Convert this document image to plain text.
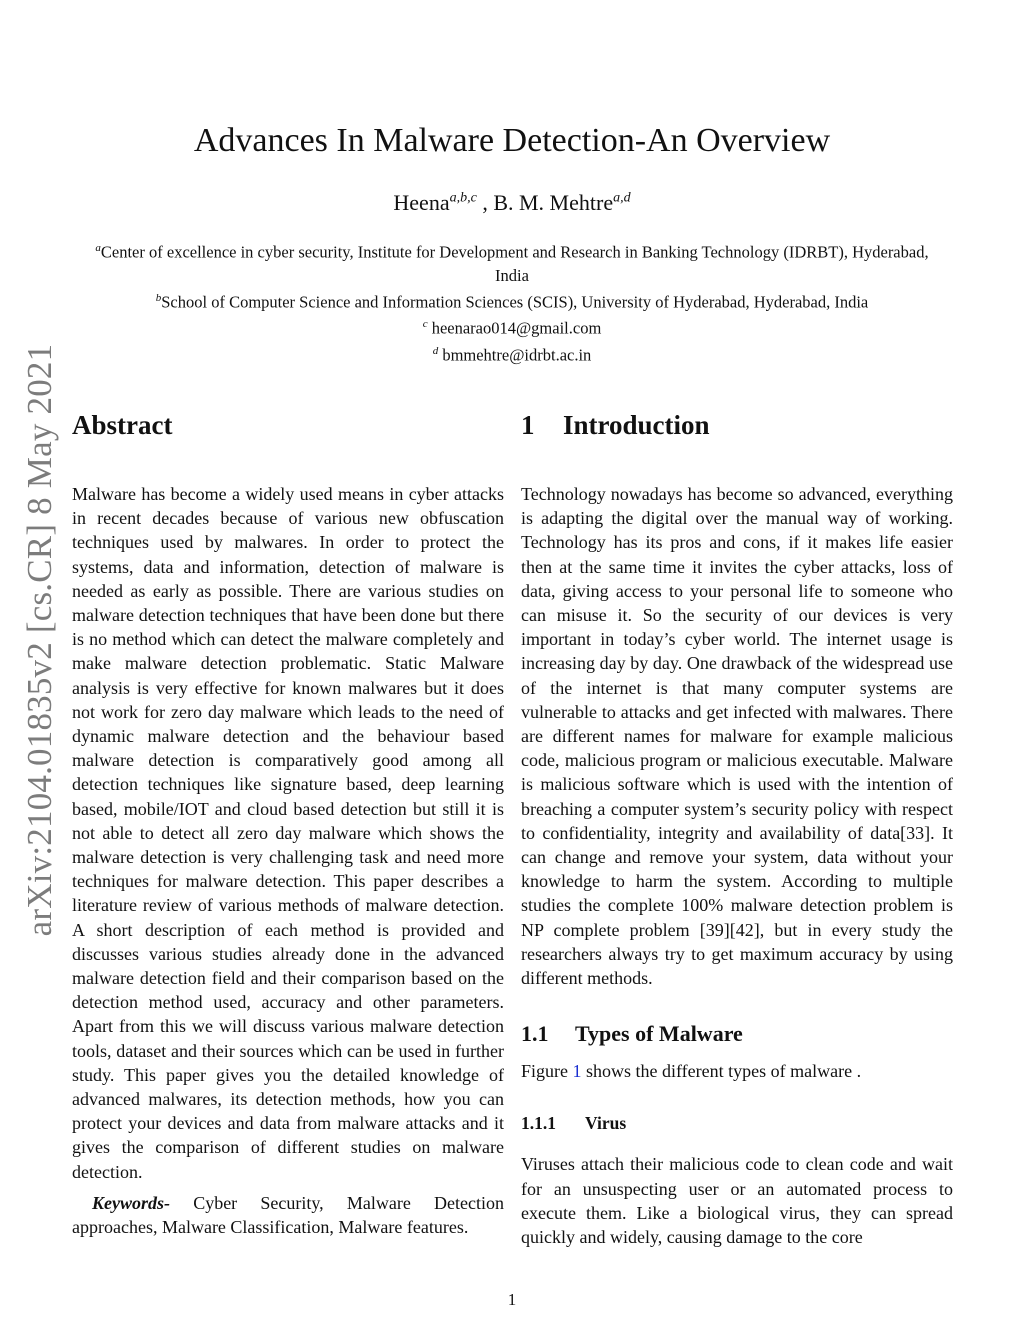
arXiv:2104.01835v2 [cs.CR] 8 May 2021
Advances In Malware Detection-An Overview
Heena$^{a,b,c}$ , B. M. Mehtre$^{a,d}$
$^a$Center of excellence in cyber security, Institute for Development and Research in Banking Technology (IDRBT), Hyderabad, India
$^b$School of Computer Science and Information Sciences (SCIS), University of Hyderabad, Hyderabad, India
$^c$ heenarao014@gmail.com
$^d$ bmmehtre@idrbt.ac.in
Abstract

Malware has become a widely used means in cyber attacks in recent decades because of various new obfuscation techniques used by malwares. In order to protect the systems, data and information, detection of malware is needed as early as possible. There are various studies on malware detection techniques that have been done but there is no method which can detect the malware completely and make malware detection problematic. Static Malware analysis is very effective for known malwares but it does not work for zero day malware which leads to the need of dynamic malware detection and the behaviour based malware detection is comparatively good among all detection techniques like signature based, deep learning based, mobile/IOT and cloud based detection but still it is not able to detect all zero day malware which shows the malware detection is very challenging task and need more techniques for malware detection. This paper describes a literature review of various methods of malware detection. A short description of each method is provided and discusses various studies already done in the advanced malware detection field and their comparison based on the detection method used, accuracy and other parameters. Apart from this we will discuss various malware detection tools, dataset and their sources which can be used in further study. This paper gives you the detailed knowledge of advanced malwares, its detection methods, how you can protect your devices and data from malware attacks and it gives the comparison of different studies on malware detection.

Keywords- Cyber Security, Malware Detection approaches, Malware Classification, Malware features.

1 Introduction

Technology nowadays has become so advanced, everything is adapting the digital over the manual way of working. Technology has its pros and cons, if it makes life easier then at the same time it invites the cyber attacks, loss of data, giving access to your personal life to someone who can misuse it. So the security of our devices is very important in today’s cyber world. The internet usage is increasing day by day. One drawback of the widespread use of the internet is that many computer systems are vulnerable to attacks and get infected with malwares. There are different names for malware for example malicious code, malicious program or malicious executable. Malware is malicious software which is used with the intention of breaching a computer system’s security policy with respect to confidentiality, integrity and availability of data[33]. It can change and remove your system, data without your knowledge to harm the system. According to multiple studies the complete 100% malware detection problem is NP complete problem [39][42], but in every study the researchers always try to get maximum accuracy by using different methods.

1.1 Types of Malware

Figure 1 shows the different types of malware .

1.1.1 Virus

Viruses attach their malicious code to clean code and wait for an unsuspecting user or an automated process to execute them. Like a biological virus, they can spread quickly and widely, causing damage to the core

1
